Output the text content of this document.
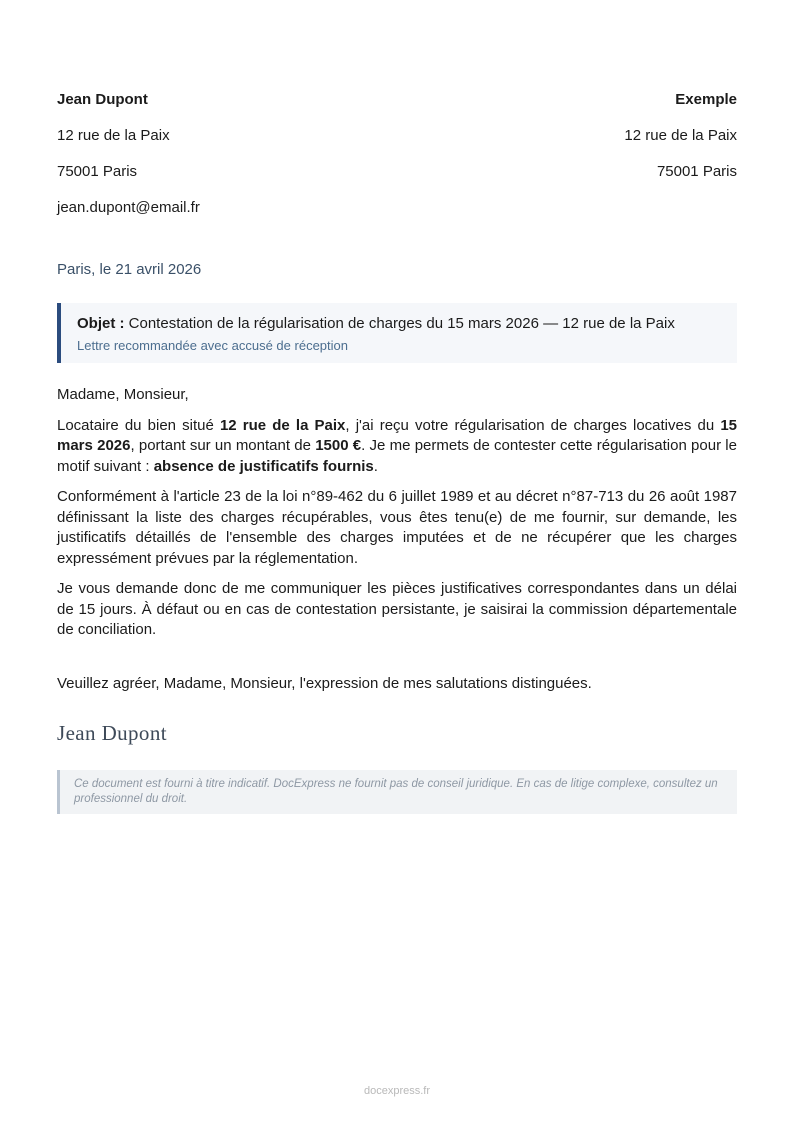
Jean Dupont

12 rue de la Paix

75001 Paris

jean.dupont@email.fr

Exemple

12 rue de la Paix

75001 Paris

Paris, le 21 avril 2026

Objet : Contestation de la régularisation de charges du 15 mars 2026 — 12 rue de la Paix

Lettre recommandée avec accusé de réception

Madame, Monsieur,

Locataire du bien situé 12 rue de la Paix, j'ai reçu votre régularisation de charges locatives du 15 mars 2026, portant sur un montant de 1500 €. Je me permets de contester cette régularisation pour le motif suivant : absence de justificatifs fournis.

Conformément à l'article 23 de la loi n°89-462 du 6 juillet 1989 et au décret n°87-713 du 26 août 1987 définissant la liste des charges récupérables, vous êtes tenu(e) de me fournir, sur demande, les justificatifs détaillés de l'ensemble des charges imputées et de ne récupérer que les charges expressément prévues par la réglementation.

Je vous demande donc de me communiquer les pièces justificatives correspondantes dans un délai de 15 jours. À défaut ou en cas de contestation persistante, je saisirai la commission départementale de conciliation.

Veuillez agréer, Madame, Monsieur, l'expression de mes salutations distinguées.

Jean Dupont

Ce document est fourni à titre indicatif. DocExpress ne fournit pas de conseil juridique. En cas de litige complexe, consultez un professionnel du droit.

docexpress.fr
